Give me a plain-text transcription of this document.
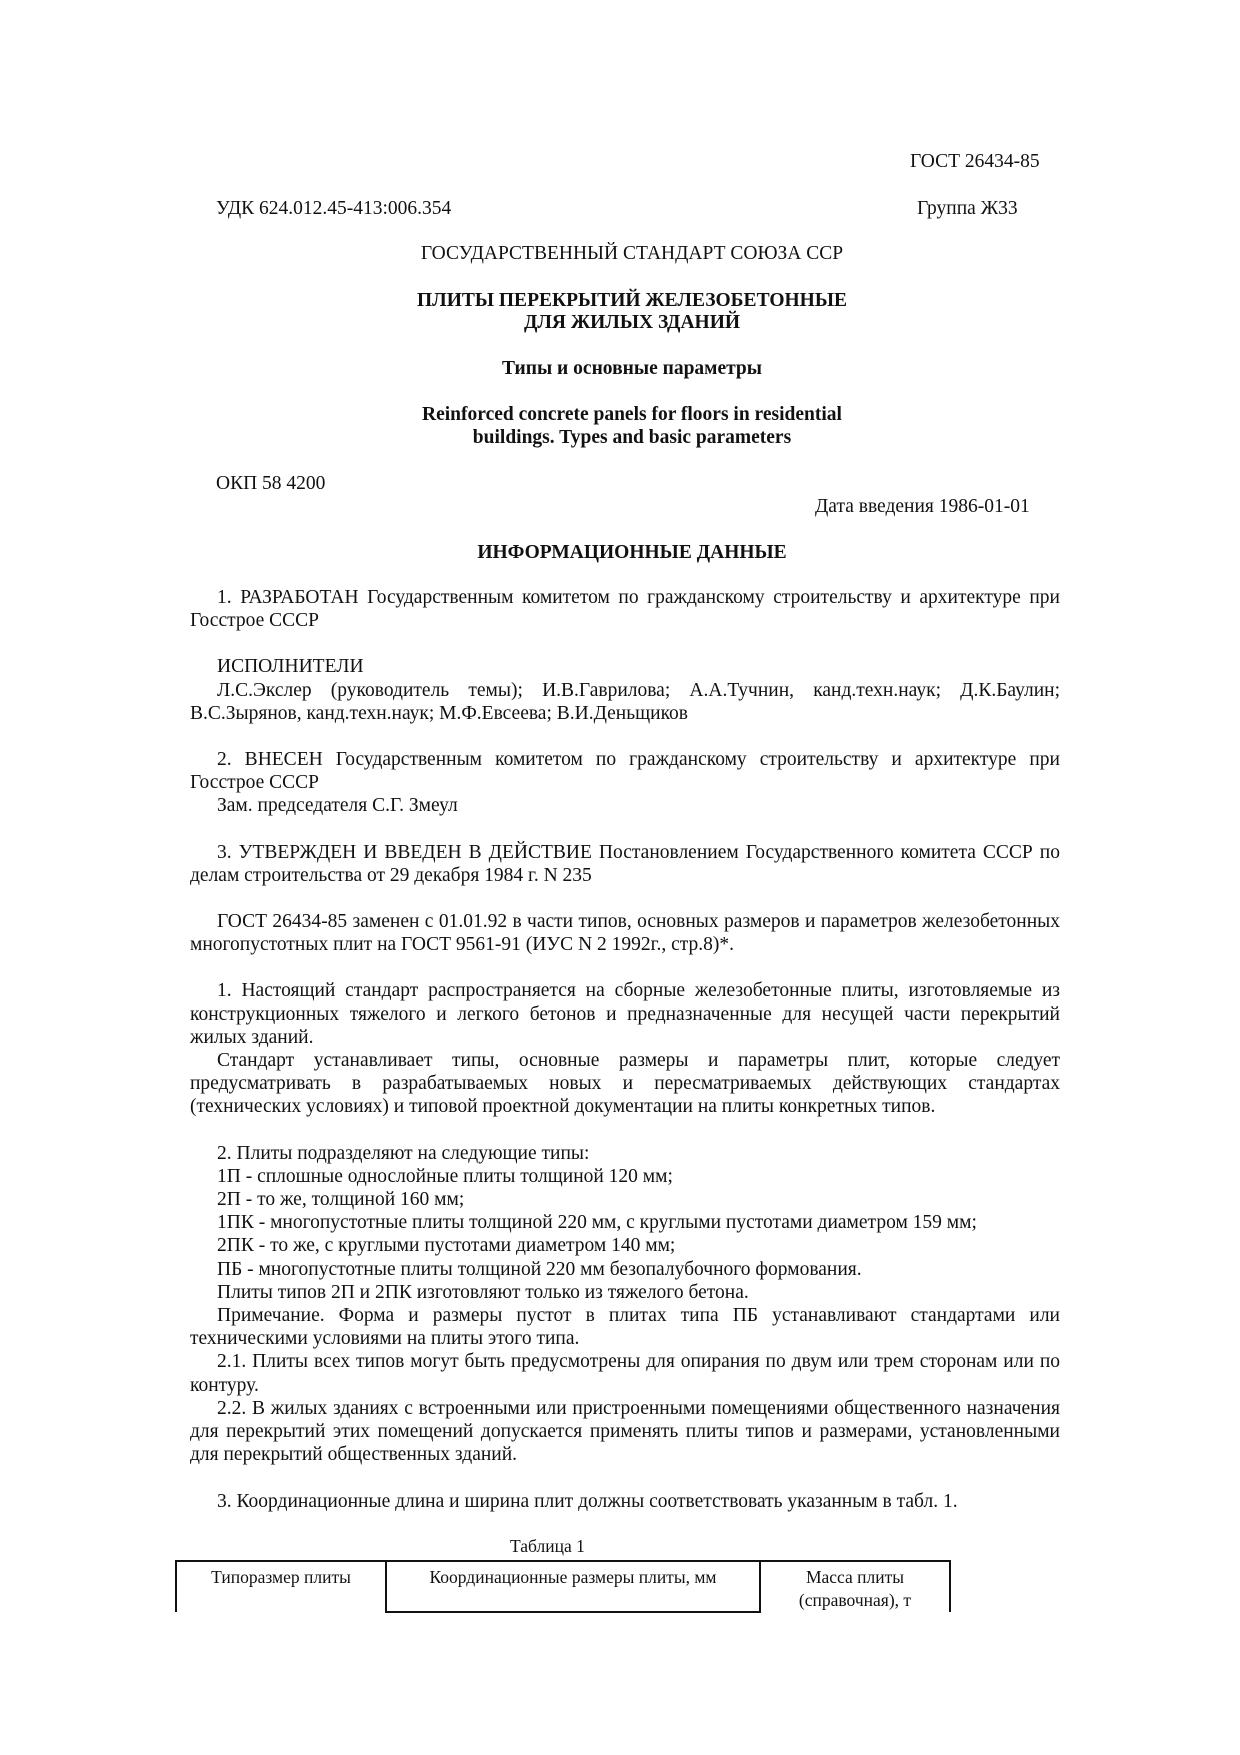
ГОСТ 26434-85
УДК 624.012.45-413:006.354	Группа Ж33
ГОСУДАРСТВЕННЫЙ СТАНДАРТ СОЮЗА ССР
ПЛИТЫ ПЕРЕКРЫТИЙ ЖЕЛЕЗОБЕТОННЫЕ
ДЛЯ ЖИЛЫХ ЗДАНИЙ
Типы и основные параметры
Reinforced concrete panels for floors in residential
buildings. Types and basic parameters
ОКП 58 4200
Дата введения 1986-01-01
ИНФОРМАЦИОННЫЕ ДАННЫЕ

1. РАЗРАБОТАН Государственным комитетом по гражданскому строительству и архитектуре при Госстрое СССР

ИСПОЛНИТЕЛИ

Л.С.Экслер (руководитель темы); И.В.Гаврилова; А.А.Тучнин, канд.техн.наук; Д.К.Баулин; В.С.Зырянов, канд.техн.наук; М.Ф.Евсеева; В.И.Деньщиков

2. ВНЕСЕН Государственным комитетом по гражданскому строительству и архитектуре при Госстрое СССР

Зам. председателя С.Г. Змеул

3. УТВЕРЖДЕН И ВВЕДЕН В ДЕЙСТВИЕ Постановлением Государственного комитета СССР по делам строительства от 29 декабря 1984 г. N 235

ГОСТ 26434-85 заменен с 01.01.92 в части типов, основных размеров и параметров железобетонных многопустотных плит на ГОСТ 9561-91 (ИУС N 2 1992г., стр.8)*.

1. Настоящий стандарт распространяется на сборные железобетонные плиты, изготовляемые из конструкционных тяжелого и легкого бетонов и предназначенные для несущей части перекрытий жилых зданий.

Стандарт устанавливает типы, основные размеры и параметры плит, которые следует предусматривать в разрабатываемых новых и пересматриваемых действующих стандартах (технических условиях) и типовой проектной документации на плиты конкретных типов.

2. Плиты подразделяют на следующие типы:

1П - сплошные однослойные плиты толщиной 120 мм;

2П - то же, толщиной 160 мм;

1ПК - многопустотные плиты толщиной 220 мм, с круглыми пустотами диаметром 159 мм;

2ПК - то же, с круглыми пустотами диаметром 140 мм;

ПБ - многопустотные плиты толщиной 220 мм безопалубочного формования.

Плиты типов 2П и 2ПК изготовляют только из тяжелого бетона.

Примечание. Форма и размеры пустот в плитах типа ПБ устанавливают стандартами или техническими условиями на плиты этого типа.

2.1. Плиты всех типов могут быть предусмотрены для опирания по двум или трем сторонам или по контуру.

2.2. В жилых зданиях с встроенными или пристроенными помещениями общественного назначения для перекрытий этих помещений допускается применять плиты типов и размерами, установленными для перекрытий общественных зданий.

3. Координационные длина и ширина плит должны соответствовать указанным в табл. 1.

Таблица 1
Типоразмер плиты	Координационные размеры плиты, мм	Масса плиты
(справочная), т
